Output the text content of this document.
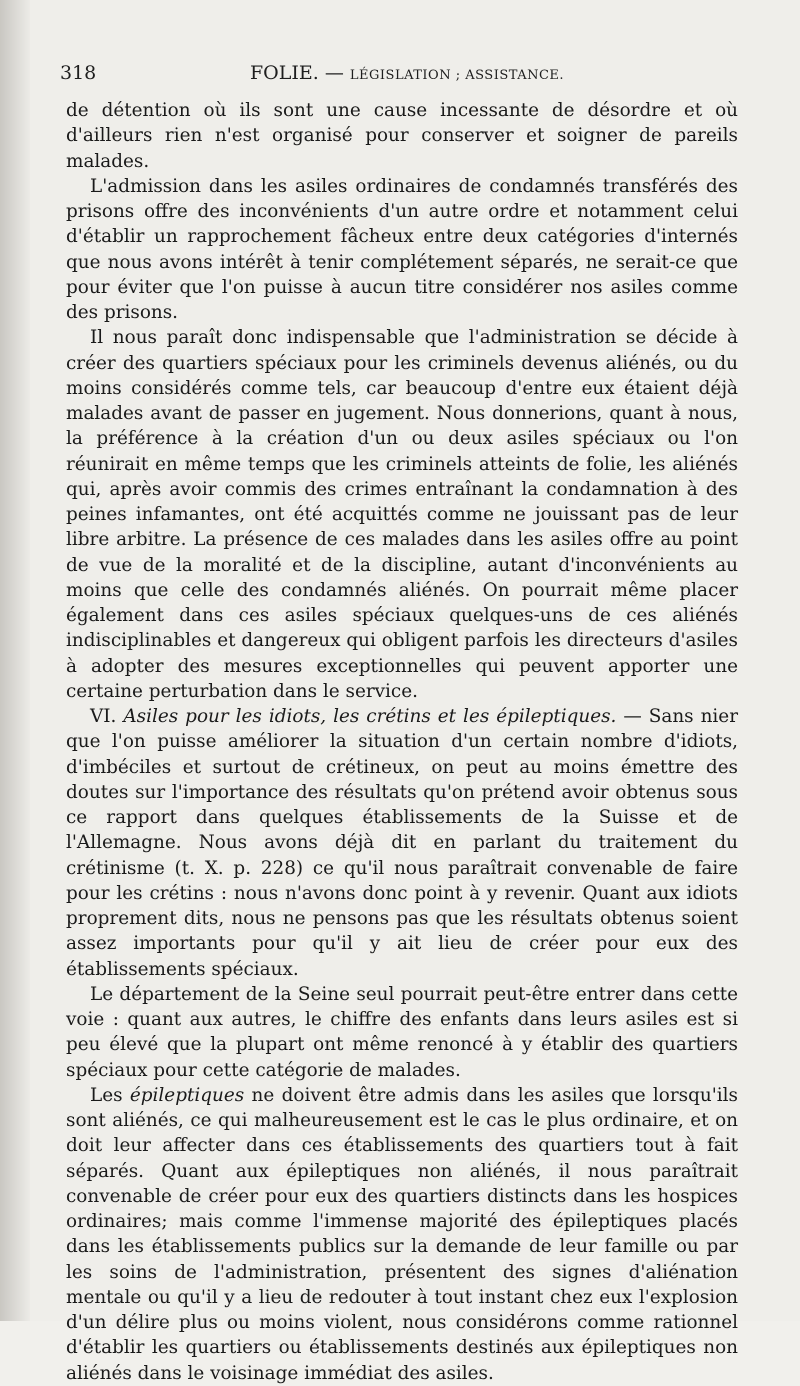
318	FOLIE. — LÉGISLATION ; ASSISTANCE.

de détention où ils sont une cause incessante de désordre et où d'ailleurs rien n'est organisé pour conserver et soigner de pareils malades.

L'admission dans les asiles ordinaires de condamnés transférés des prisons offre des inconvénients d'un autre ordre et notamment celui d'établir un rapprochement fâcheux entre deux catégories d'internés que nous avons intérêt à tenir complétement séparés, ne serait-ce que pour éviter que l'on puisse à aucun titre considérer nos asiles comme des prisons.

Il nous paraît donc indispensable que l'administration se décide à créer des quartiers spéciaux pour les criminels devenus aliénés, ou du moins considérés comme tels, car beaucoup d'entre eux étaient déjà malades avant de passer en jugement. Nous donnerions, quant à nous, la préférence à la création d'un ou deux asiles spéciaux ou l'on réunirait en même temps que les criminels atteints de folie, les aliénés qui, après avoir commis des crimes entraînant la condamnation à des peines infamantes, ont été acquittés comme ne jouissant pas de leur libre arbitre. La présence de ces malades dans les asiles offre au point de vue de la moralité et de la discipline, autant d'inconvénients au moins que celle des condamnés aliénés. On pourrait même placer également dans ces asiles spéciaux quelques-uns de ces aliénés indisciplinables et dangereux qui obligent parfois les directeurs d'asiles à adopter des mesures exceptionnelles qui peuvent apporter une certaine perturbation dans le service.

VI. Asiles pour les idiots, les crétins et les épileptiques. — Sans nier que l'on puisse améliorer la situation d'un certain nombre d'idiots, d'imbéciles et surtout de crétineux, on peut au moins émettre des doutes sur l'importance des résultats qu'on prétend avoir obtenus sous ce rapport dans quelques établissements de la Suisse et de l'Allemagne. Nous avons déjà dit en parlant du traitement du crétinisme (t. X. p. 228) ce qu'il nous paraîtrait convenable de faire pour les crétins : nous n'avons donc point à y revenir. Quant aux idiots proprement dits, nous ne pensons pas que les résultats obtenus soient assez importants pour qu'il y ait lieu de créer pour eux des établissements spéciaux.

Le département de la Seine seul pourrait peut-être entrer dans cette voie : quant aux autres, le chiffre des enfants dans leurs asiles est si peu élevé que la plupart ont même renoncé à y établir des quartiers spéciaux pour cette catégorie de malades.

Les épileptiques ne doivent être admis dans les asiles que lorsqu'ils sont aliénés, ce qui malheureusement est le cas le plus ordinaire, et on doit leur affecter dans ces établissements des quartiers tout à fait séparés. Quant aux épileptiques non aliénés, il nous paraîtrait convenable de créer pour eux des quartiers distincts dans les hospices ordinaires; mais comme l'immense majorité des épileptiques placés dans les établissements publics sur la demande de leur famille ou par les soins de l'administration, présentent des signes d'aliénation mentale ou qu'il y a lieu de redouter à tout instant chez eux l'explosion d'un délire plus ou moins violent, nous considérons comme rationnel d'établir les quartiers ou établissements destinés aux épileptiques non aliénés dans le voisinage immédiat des asiles.
